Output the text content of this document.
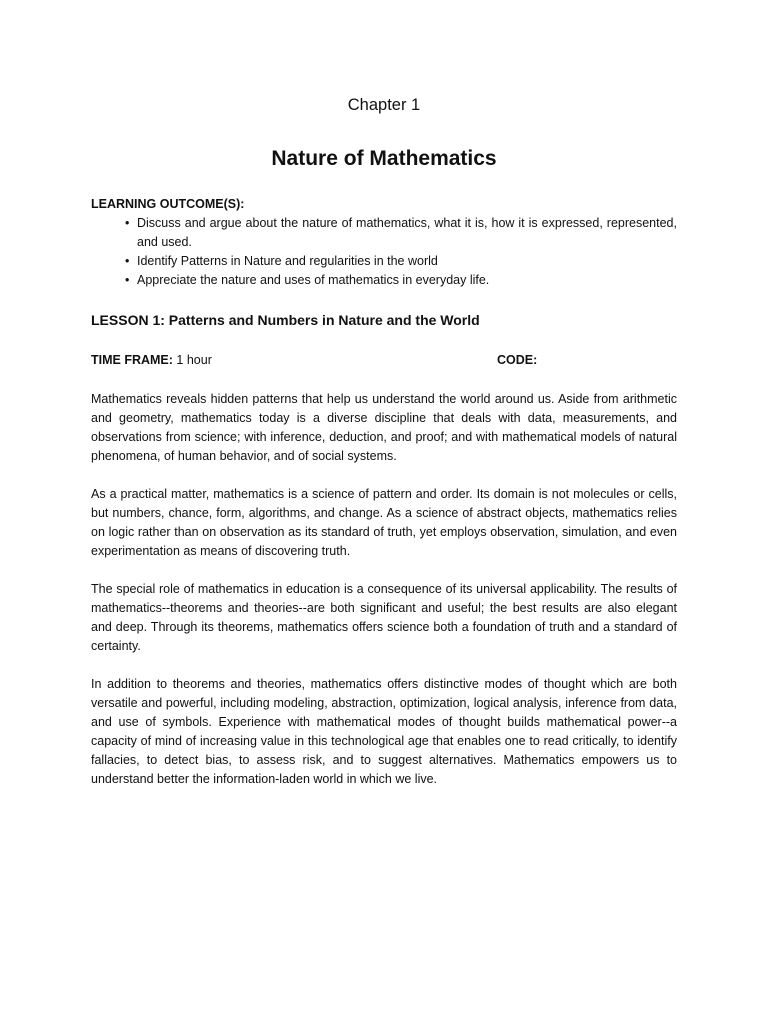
Chapter 1

Nature of Mathematics

LEARNING OUTCOME(S):

• Discuss and argue about the nature of mathematics, what it is, how it is expressed, represented, and used.
• Identify Patterns in Nature and regularities in the world
• Appreciate the nature and uses of mathematics in everyday life.

LESSON 1: Patterns and Numbers in Nature and the World

TIME FRAME: 1 hour	CODE:

Mathematics reveals hidden patterns that help us understand the world around us. Aside from arithmetic and geometry, mathematics today is a diverse discipline that deals with data, measurements, and observations from science; with inference, deduction, and proof; and with mathematical models of natural phenomena, of human behavior, and of social systems.

As a practical matter, mathematics is a science of pattern and order. Its domain is not molecules or cells, but numbers, chance, form, algorithms, and change. As a science of abstract objects, mathematics relies on logic rather than on observation as its standard of truth, yet employs observation, simulation, and even experimentation as means of discovering truth.

The special role of mathematics in education is a consequence of its universal applicability. The results of mathematics--theorems and theories--are both significant and useful; the best results are also elegant and deep. Through its theorems, mathematics offers science both a foundation of truth and a standard of certainty.

In addition to theorems and theories, mathematics offers distinctive modes of thought which are both versatile and powerful, including modeling, abstraction, optimization, logical analysis, inference from data, and use of symbols. Experience with mathematical modes of thought builds mathematical power--a capacity of mind of increasing value in this technological age that enables one to read critically, to identify fallacies, to detect bias, to assess risk, and to suggest alternatives. Mathematics empowers us to understand better the information-laden world in which we live.
